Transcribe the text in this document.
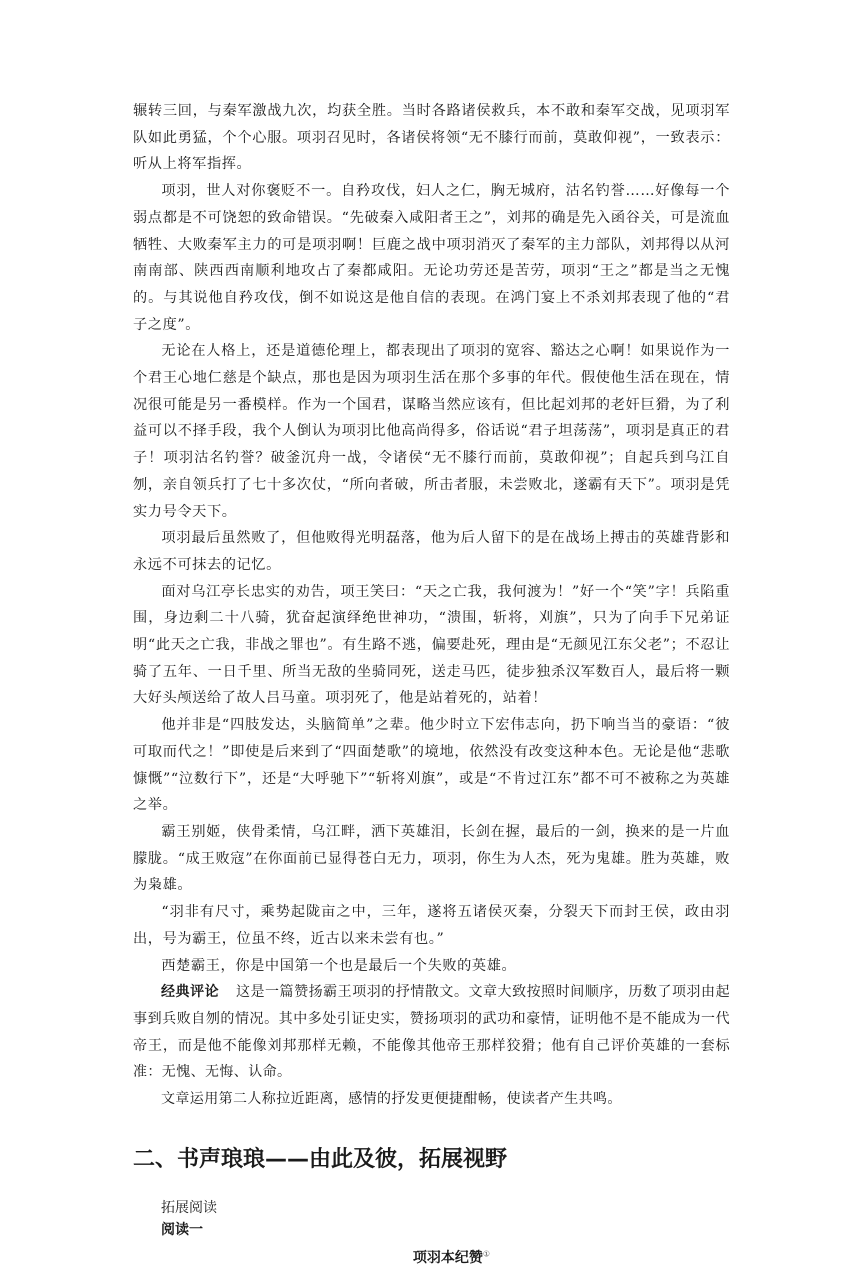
辗转三回，与秦军激战九次，均获全胜。当时各路诸侯救兵，本不敢和秦军交战，见项羽军队如此勇猛，个个心服。项羽召见时，各诸侯将领“无不膝行而前，莫敢仰视”，一致表示：听从上将军指挥。

项羽，世人对你褒贬不一。自矜攻伐，妇人之仁，胸无城府，沽名钓誉……好像每一个弱点都是不可饶恕的致命错误。“先破秦入咸阳者王之”，刘邦的确是先入函谷关，可是流血牺牲、大败秦军主力的可是项羽啊！巨鹿之战中项羽消灭了秦军的主力部队，刘邦得以从河南南部、陕西西南顺利地攻占了秦都咸阳。无论功劳还是苦劳，项羽“王之”都是当之无愧的。与其说他自矜攻伐，倒不如说这是他自信的表现。在鸿门宴上不杀刘邦表现了他的“君子之度”。

无论在人格上，还是道德伦理上，都表现出了项羽的宽容、豁达之心啊！如果说作为一个君王心地仁慈是个缺点，那也是因为项羽生活在那个多事的年代。假使他生活在现在，情况很可能是另一番模样。作为一个国君，谋略当然应该有，但比起刘邦的老奸巨猾，为了利益可以不择手段，我个人倒认为项羽比他高尚得多，俗话说“君子坦荡荡”，项羽是真正的君子！项羽沽名钓誉？破釜沉舟一战，令诸侯“无不膝行而前，莫敢仰视”；自起兵到乌江自刎，亲自领兵打了七十多次仗，“所向者破，所击者服，未尝败北，遂霸有天下”。项羽是凭实力号令天下。

项羽最后虽然败了，但他败得光明磊落，他为后人留下的是在战场上搏击的英雄背影和永远不可抹去的记忆。

面对乌江亭长忠实的劝告，项王笑曰：“天之亡我，我何渡为！”好一个“笑”字！兵陷重围，身边剩二十八骑，犹奋起演绎绝世神功，“溃围，斩将，刈旗”，只为了向手下兄弟证明“此天之亡我，非战之罪也”。有生路不逃，偏要赴死，理由是“无颜见江东父老”；不忍让骑了五年、一日千里、所当无敌的坐骑同死，送走马匹，徒步独杀汉军数百人，最后将一颗大好头颅送给了故人吕马童。项羽死了，他是站着死的，站着！

他并非是“四肢发达，头脑简单”之辈。他少时立下宏伟志向，扔下响当当的豪语：“彼可取而代之！”即使是后来到了“四面楚歌”的境地，依然没有改变这种本色。无论是他“悲歌慷慨”“泣数行下”，还是“大呼驰下”“斩将刈旗”，或是“不肯过江东”都不可不被称之为英雄之举。

霸王别姬，侠骨柔情，乌江畔，洒下英雄泪，长剑在握，最后的一剑，换来的是一片血朦胧。“成王败寇”在你面前已显得苍白无力，项羽，你生为人杰，死为鬼雄。胜为英雄，败为枭雄。

“羽非有尺寸，乘势起陇亩之中，三年，遂将五诸侯灭秦，分裂天下而封王侯，政由羽出，号为霸王，位虽不终，近古以来未尝有也。”

西楚霸王，你是中国第一个也是最后一个失败的英雄。

经典评论 这是一篇赞扬霸王项羽的抒情散文。文章大致按照时间顺序，历数了项羽由起事到兵败自刎的情况。其中多处引证史实，赞扬项羽的武功和豪情，证明他不是不能成为一代帝王，而是他不能像刘邦那样无赖，不能像其他帝王那样狡猾；他有自己评价英雄的一套标准：无愧、无悔、认命。

文章运用第二人称拉近距离，感情的抒发更便捷酣畅，使读者产生共鸣。

二、书声琅琅——由此及彼，拓展视野

拓展阅读

阅读一

项羽本纪赞①
